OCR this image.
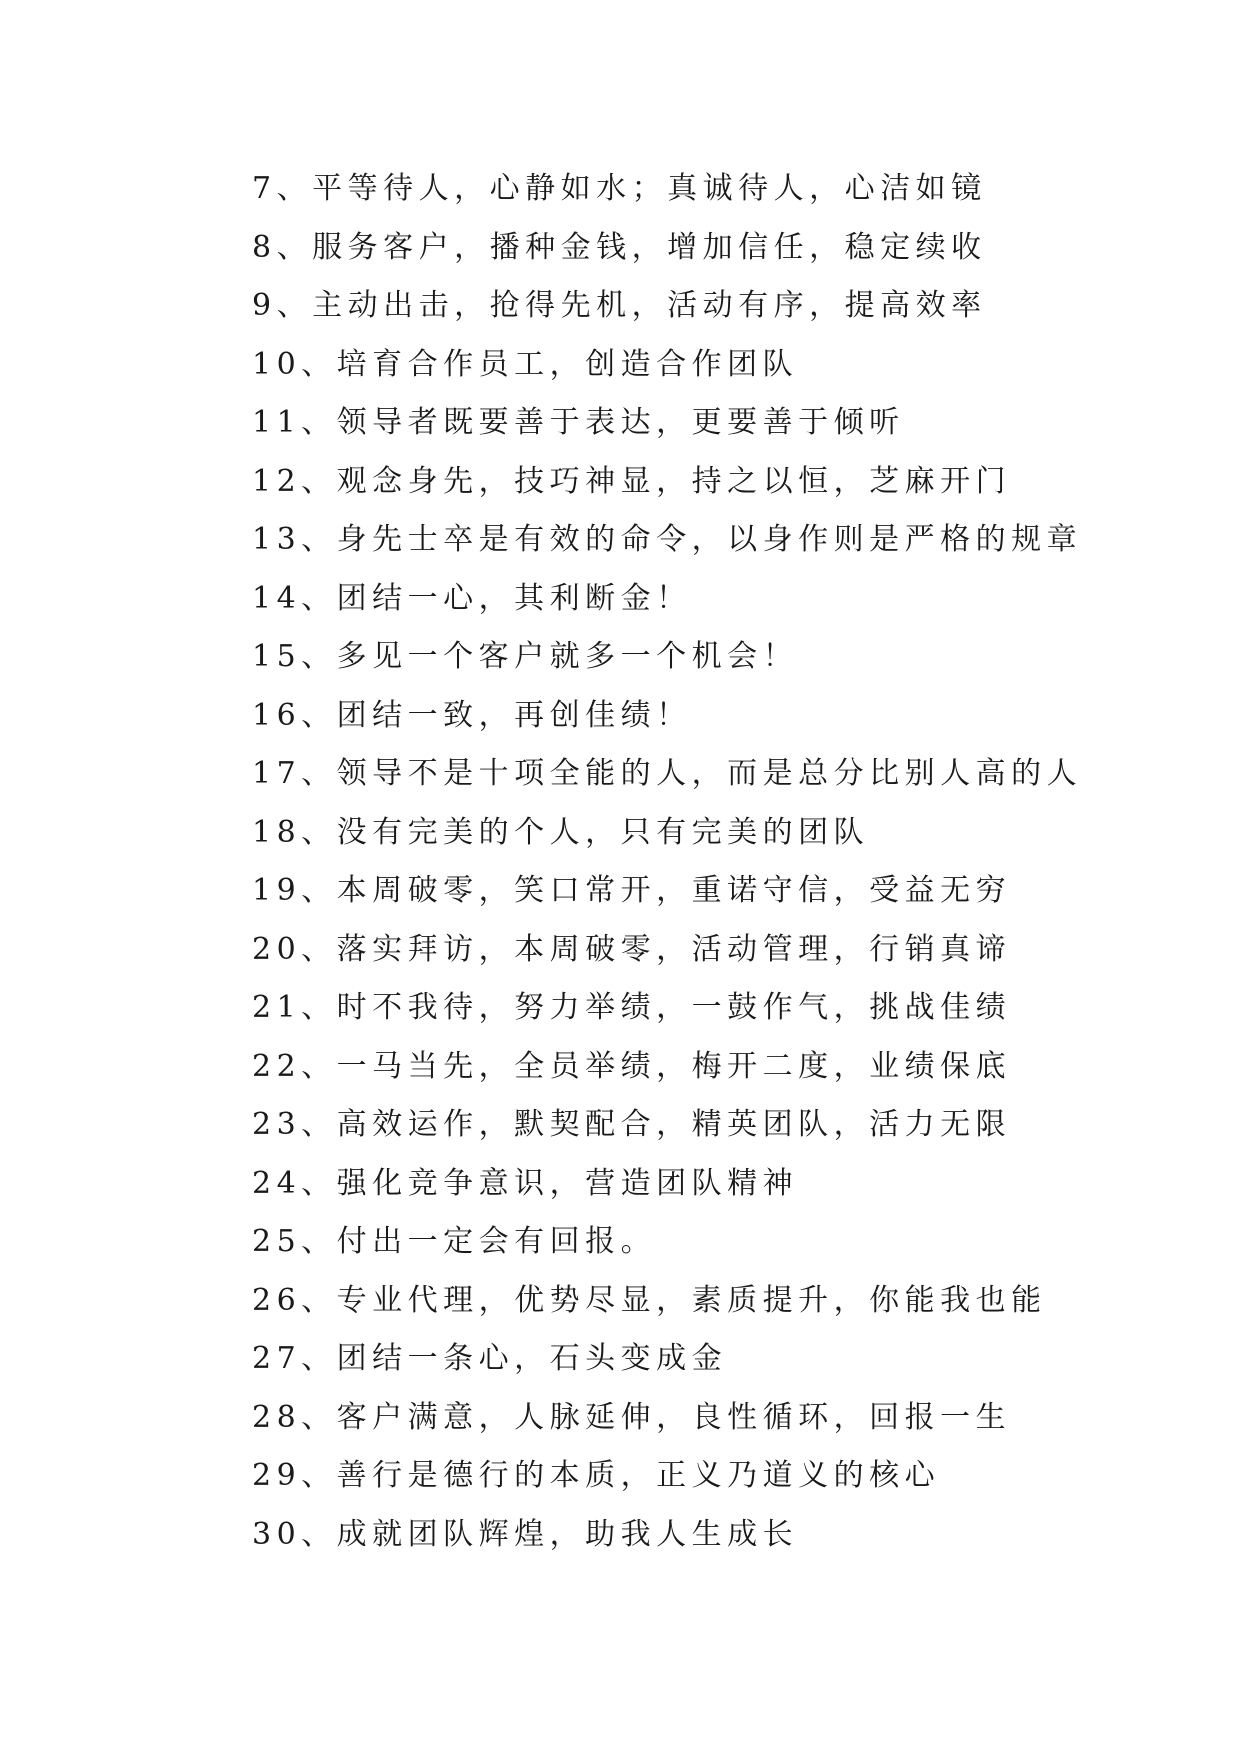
7、平等待人，心静如水；真诚待人，心洁如镜
8、服务客户，播种金钱，增加信任，稳定续收
9、主动出击，抢得先机，活动有序，提高效率
10、培育合作员工，创造合作团队
11、领导者既要善于表达，更要善于倾听
12、观念身先，技巧神显，持之以恒，芝麻开门
13、身先士卒是有效的命令，以身作则是严格的规章
14、团结一心，其利断金！
15、多见一个客户就多一个机会！
16、团结一致，再创佳绩！
17、领导不是十项全能的人，而是总分比别人高的人
18、没有完美的个人，只有完美的团队
19、本周破零，笑口常开，重诺守信，受益无穷
20、落实拜访，本周破零，活动管理，行销真谛
21、时不我待，努力举绩，一鼓作气，挑战佳绩
22、一马当先，全员举绩，梅开二度，业绩保底
23、高效运作，默契配合，精英团队，活力无限
24、强化竞争意识，营造团队精神
25、付出一定会有回报。
26、专业代理，优势尽显，素质提升，你能我也能
27、团结一条心，石头变成金
28、客户满意，人脉延伸，良性循环，回报一生
29、善行是德行的本质，正义乃道义的核心
30、成就团队辉煌，助我人生成长
